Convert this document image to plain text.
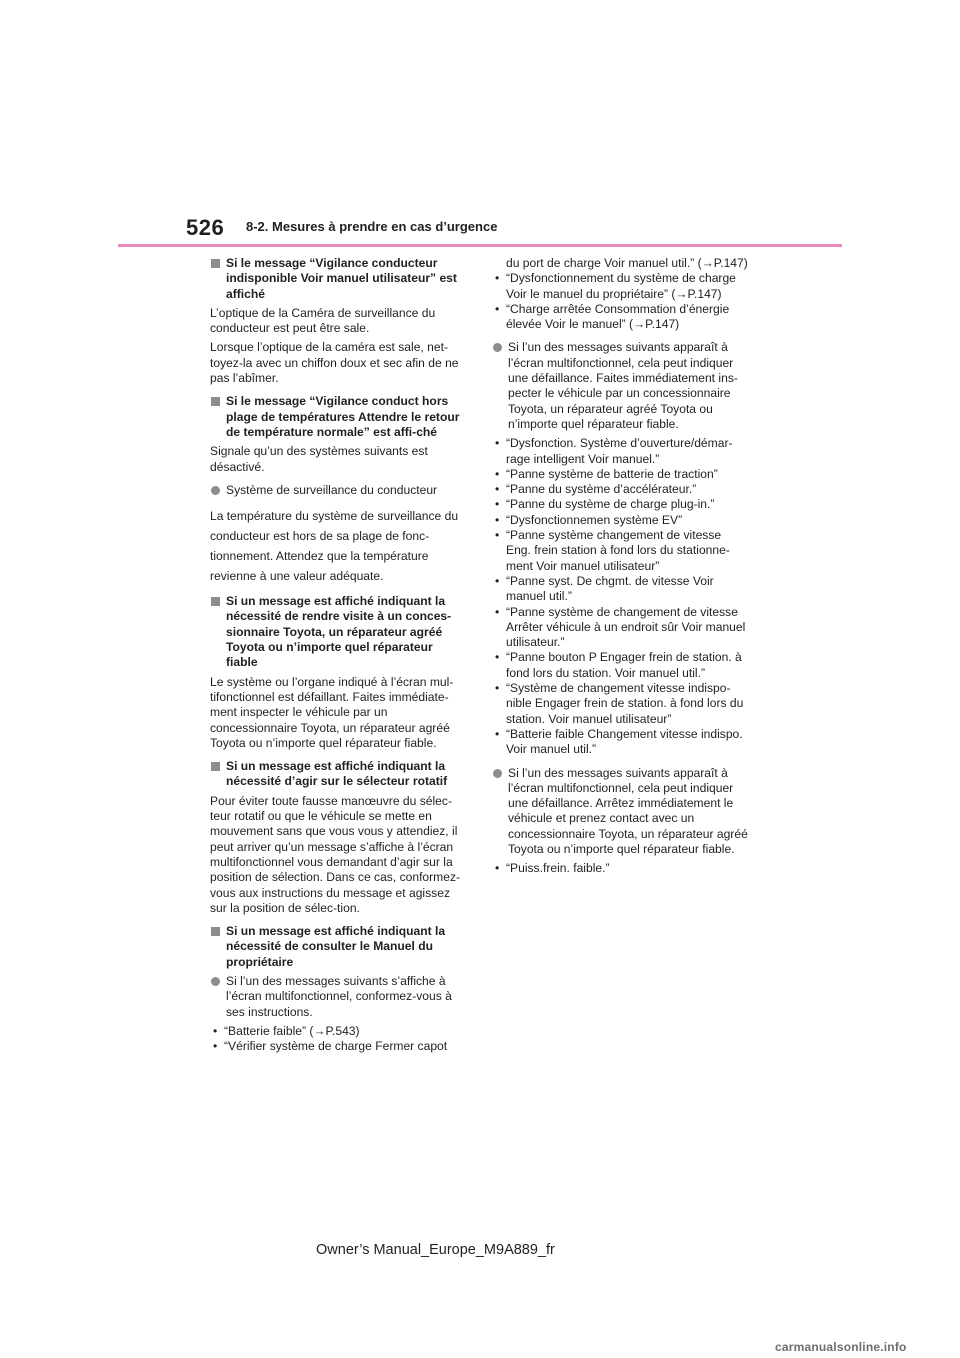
526 8-2. Mesures à prendre en cas d’urgence
Si le message “Vigilance conducteur indisponible Voir manuel utilisateur” est affiché
L’optique de la Caméra de surveillance du conducteur est peut être sale.
Lorsque l’optique de la caméra est sale, net-toyez-la avec un chiffon doux et sec afin de ne pas l’abîmer.
Si le message “Vigilance conduct hors plage de températures Attendre le retour de température normale” est affi-ché
Signale qu’un des systèmes suivants est désactivé.
Système de surveillance du conducteur
La température du système de surveillance du conducteur est hors de sa plage de fonc-tionnement. Attendez que la température revienne à une valeur adéquate.
Si un message est affiché indiquant la nécessité de rendre visite à un conces-sionnaire Toyota, un réparateur agréé Toyota ou n’importe quel réparateur fiable
Le système ou l’organe indiqué à l’écran mul-tifonctionnel est défaillant. Faites immédiate-ment inspecter le véhicule par un concessionnaire Toyota, un réparateur agréé Toyota ou n’importe quel réparateur fiable.
Si un message est affiché indiquant la nécessité d’agir sur le sélecteur rotatif
Pour éviter toute fausse manœuvre du sélec-teur rotatif ou que le véhicule se mette en mouvement sans que vous vous y attendiez, il peut arriver qu’un message s’affiche à l’écran multifonctionnel vous demandant d’agir sur la position de sélection. Dans ce cas, conformez-vous aux instructions du message et agissez sur la position de sélec-tion.
Si un message est affiché indiquant la nécessité de consulter le Manuel du propriétaire
Si l’un des messages suivants s’affiche à l’écran multifonctionnel, conformez-vous à ses instructions.
• “Batterie faible” (→P.543)
• “Vérifier système de charge Fermer capot
du port de charge Voir manuel util.” (→P.147)
• “Dysfonctionnement du système de charge Voir le manuel du propriétaire” (→P.147)
• “Charge arrêtée Consommation d’énergie élevée Voir le manuel” (→P.147)
Si l’un des messages suivants apparaît à l’écran multifonctionnel, cela peut indiquer une défaillance. Faites immédiatement ins-pecter le véhicule par un concessionnaire Toyota, un réparateur agréé Toyota ou n’importe quel réparateur fiable.
• “Dysfonction. Système d’ouverture/démar-rage intelligent Voir manuel.”
• “Panne système de batterie de traction”
• “Panne du système d’accélérateur.”
• “Panne du système de charge plug-in.”
• “Dysfonctionnemen système EV”
• “Panne système changement de vitesse Eng. frein station à fond lors du stationne-ment Voir manuel utilisateur”
• “Panne syst. De chgmt. de vitesse Voir manuel util.”
• “Panne système de changement de vitesse Arrêter véhicule à un endroit sûr Voir manuel utilisateur.”
• “Panne bouton P Engager frein de station. à fond lors du station. Voir manuel util.”
• “Système de changement vitesse indispo-nible Engager frein de station. à fond lors du station. Voir manuel utilisateur”
• “Batterie faible Changement vitesse indispo. Voir manuel util.”
Si l’un des messages suivants apparaît à l’écran multifonctionnel, cela peut indiquer une défaillance. Arrêtez immédiatement le véhicule et prenez contact avec un concessionnaire Toyota, un réparateur agréé Toyota ou n’importe quel réparateur fiable.
• “Puiss.frein. faible.”
Owner’s Manual_Europe_M9A889_fr
carmanualsonline.info
